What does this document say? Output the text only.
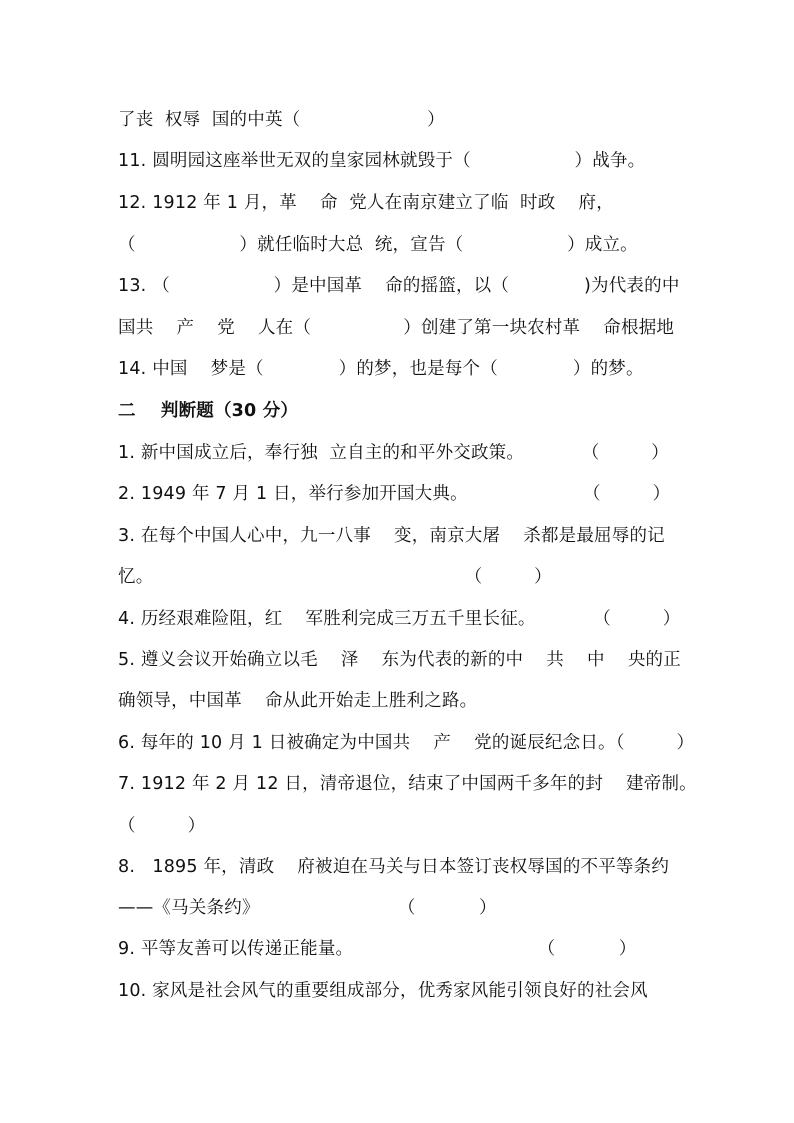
了丧  权辱  国的中英（                      ）
11. 圆明园这座举世无双的皇家园林就毁于（                  ）战争。
12. 1912 年 1 月，革    命  党人在南京建立了临  时政    府，
（                  ）就任临时大总  统，宣告（                  ）成立。
13. （                  ）是中国革    命的摇篮，以（             )为代表的中
国共    产    党    人在（                ）创建了第一块农村革    命根据地
14. 中国    梦是（             ）的梦，也是每个（             ）的梦。
二    判断题（30 分）
1. 新中国成立后，奉行独  立自主的和平外交政策。          （         ）
2. 1949 年 7 月 1 日，举行参加开国大典。                    （         ）
3. 在每个中国人心中，九一八事    变，南京大屠    杀都是最屈辱的记
忆。                                                      （         ）
4. 历经艰难险阻，红    军胜利完成三万五千里长征。          （         ）
5. 遵义会议开始确立以毛    泽    东为代表的新的中    共    中    央的正
确领导，中国革    命从此开始走上胜利之路。
6. 每年的 10 月 1 日被确定为中国共    产    党的诞辰纪念日。（         ）
7. 1912 年 2 月 12 日，清帝退位，结束了中国两千多年的封    建帝制。
（         ）
8.   1895 年，清政    府被迫在马关与日本签订丧权辱国的不平等条约
——《马关条约》                        （           ）
9. 平等友善可以传递正能量。                                （           ）
10. 家风是社会风气的重要组成部分，优秀家风能引领良好的社会风
